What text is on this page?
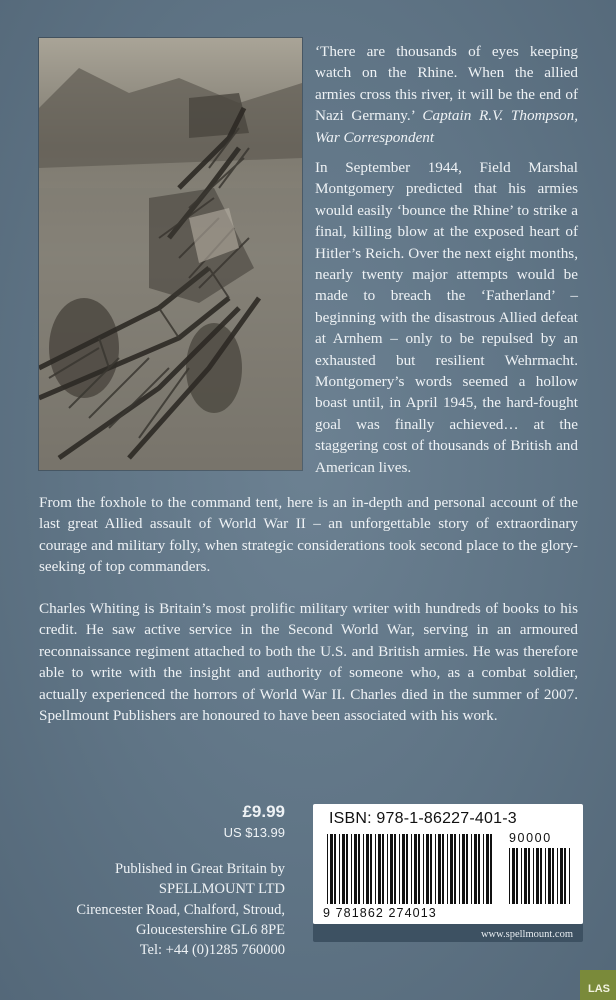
‘There are thousands of eyes keeping watch on the Rhine. When the allied armies cross this river, it will be the end of Nazi Germany.’ Captain R.V. Thompson, War Correspondent
In September 1944, Field Marshal Montgomery predicted that his armies would easily ‘bounce the Rhine’ to strike a final, killing blow at the exposed heart of Hitler’s Reich. Over the next eight months, nearly twenty major attempts would be made to breach the ‘Fatherland’ – beginning with the disastrous Allied defeat at Arnhem – only to be repulsed by an exhausted but resilient Wehrmacht. Montgomery’s words seemed a hollow boast until, in April 1945, the hard-fought goal was finally achieved… at the staggering cost of thousands of British and American lives.
From the foxhole to the command tent, here is an in-depth and personal account of the last great Allied assault of World War II – an unforgettable story of extraordinary courage and military folly, when strategic considerations took second place to the glory-seeking of top commanders.
Charles Whiting is Britain’s most prolific military writer with hundreds of books to his credit. He saw active service in the Second World War, serving in an armoured reconnaissance regiment attached to both the U.S. and British armies. He was therefore able to write with the insight and authority of someone who, as a combat soldier, actually experienced the horrors of World War II. Charles died in the summer of 2007. Spellmount Publishers are honoured to have been associated with his work.
£9.99
US $13.99
Published in Great Britain by
SPELLMOUNT LTD
Cirencester Road, Chalford, Stroud,
Gloucestershire GL6 8PE
Tel: +44 (0)1285 760000
ISBN: 978-1-86227-401-3
90000
9 781862 274013
www.spellmount.com
LAS
